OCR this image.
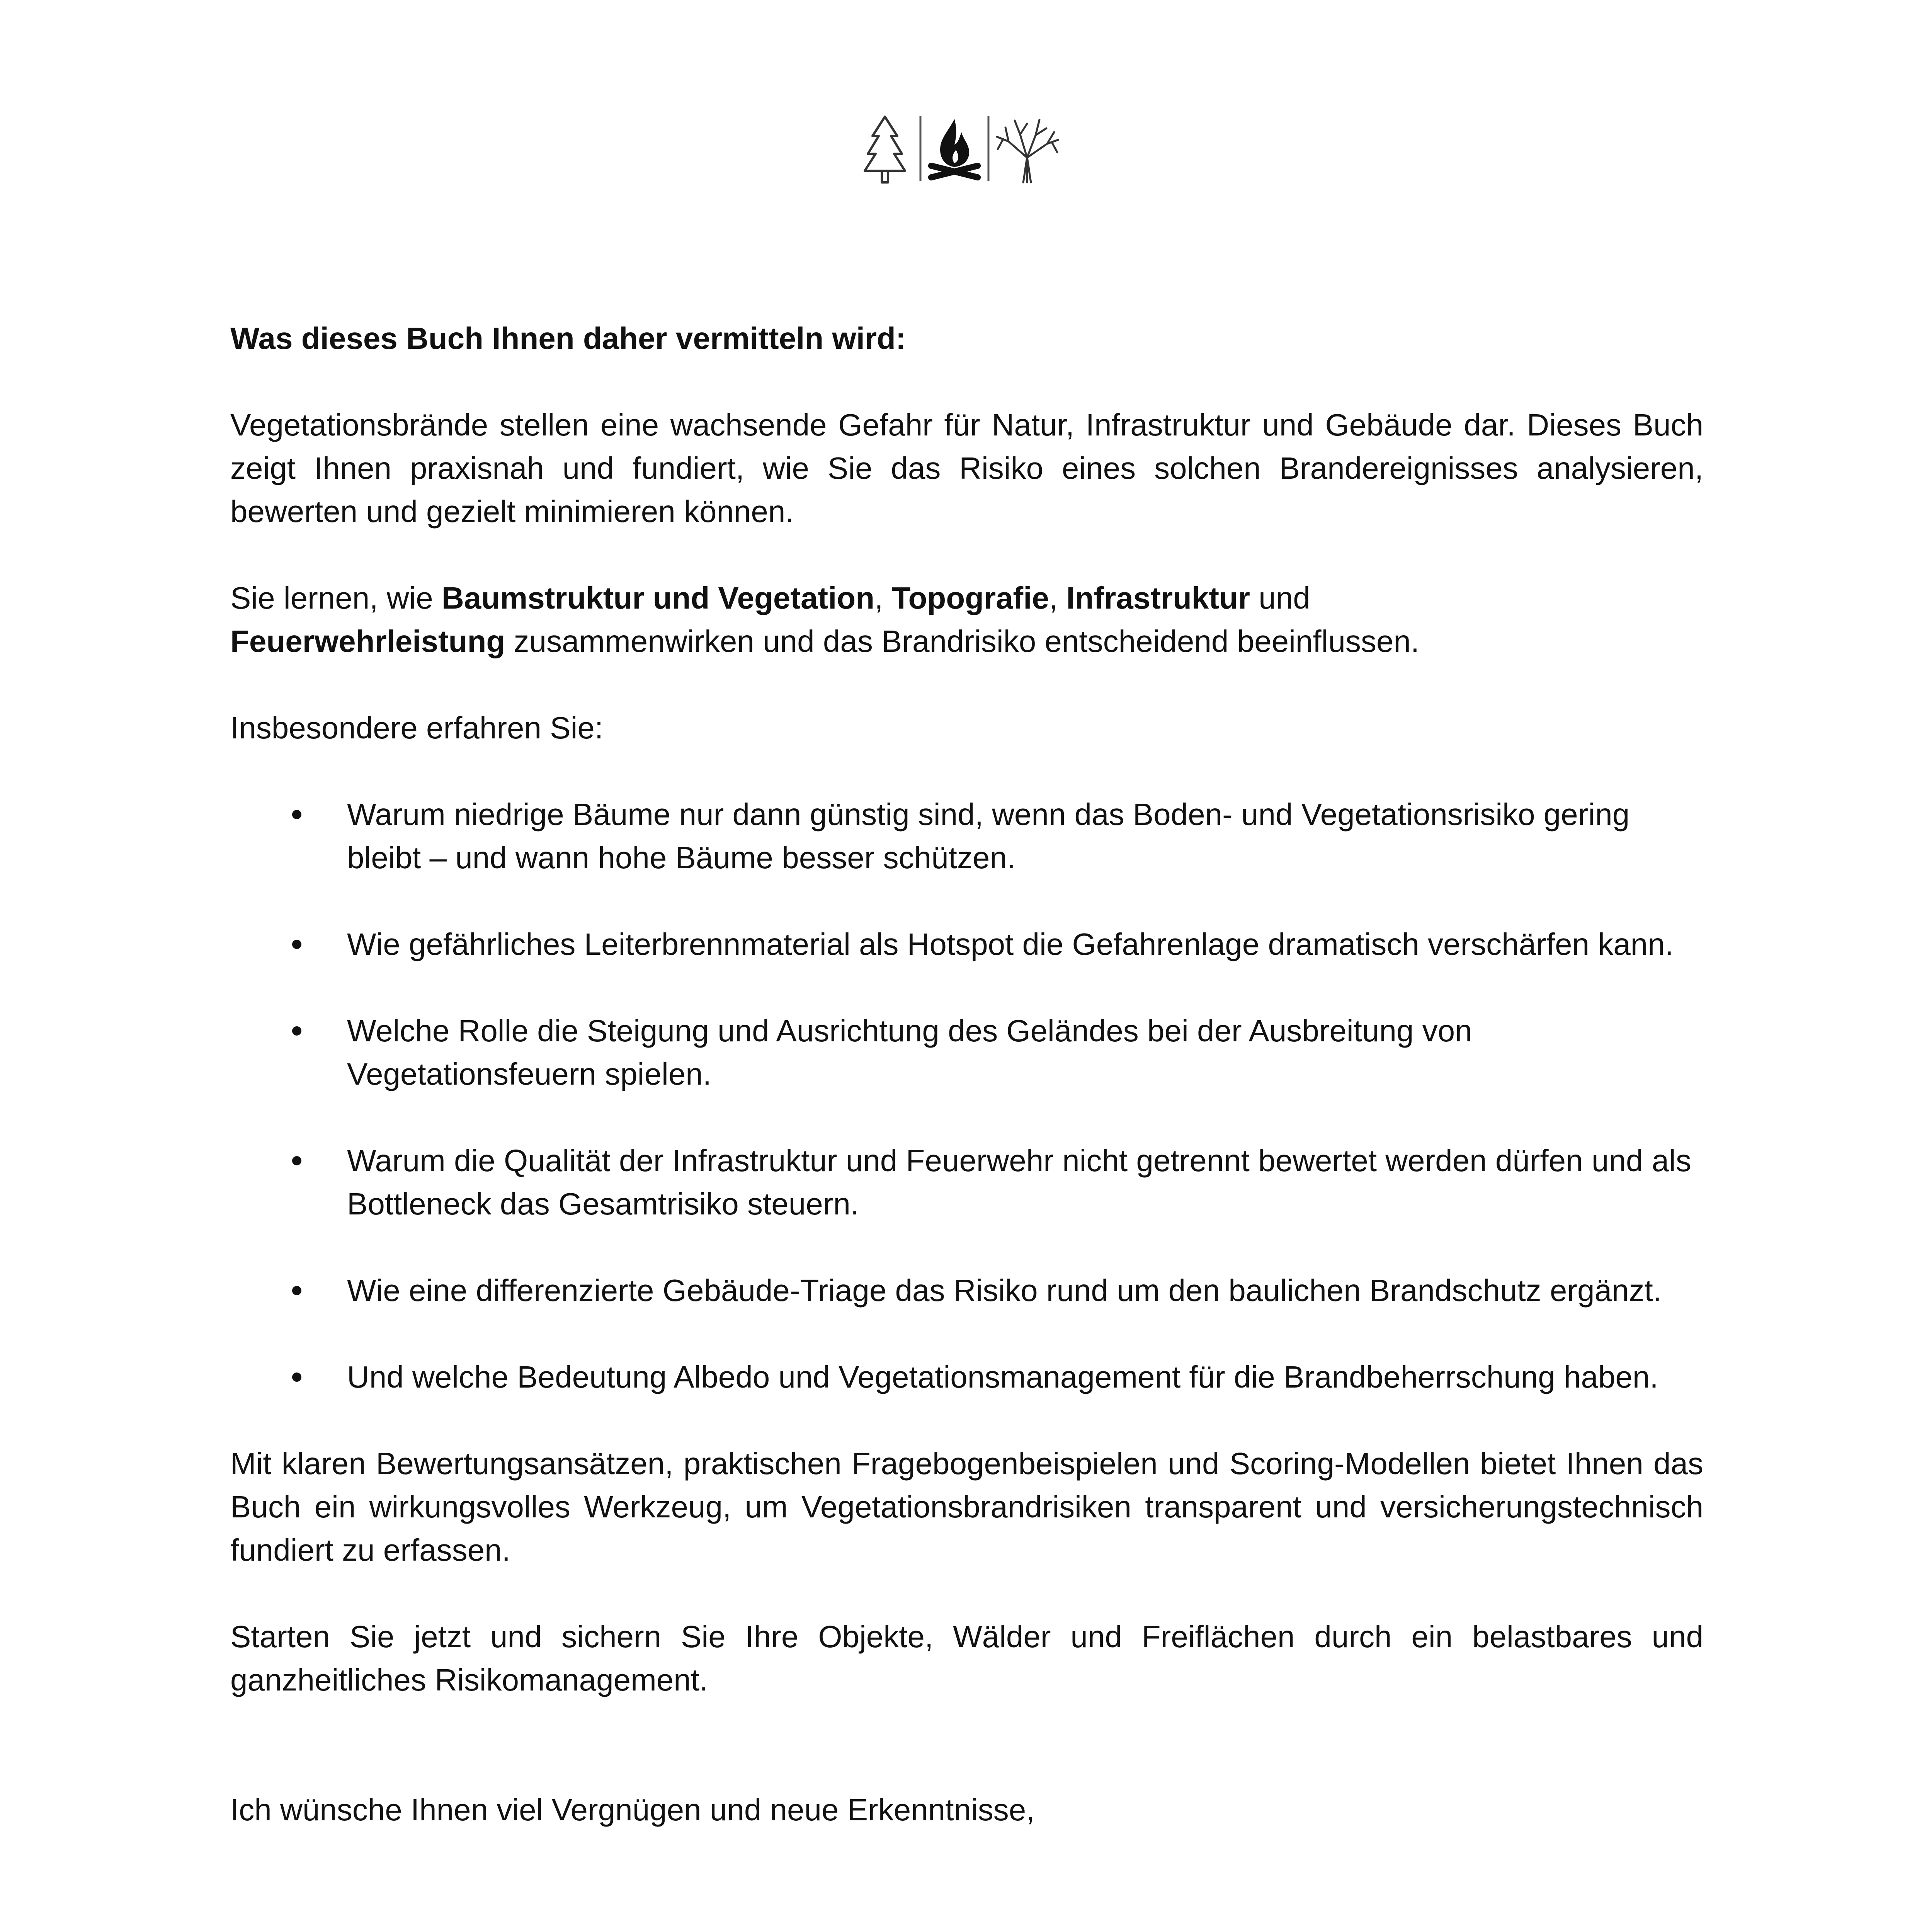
Was dieses Buch Ihnen daher vermitteln wird:

Vegetationsbrände stellen eine wachsende Gefahr für Natur, Infrastruktur und Gebäude dar. Dieses Buch zeigt Ihnen praxisnah und fundiert, wie Sie das Risiko eines solchen Brandereignisses analysieren, bewerten und gezielt minimieren können.

Sie lernen, wie Baumstruktur und Vegetation, Topografie, Infrastruktur und
Feuerwehrleistung zusammenwirken und das Brandrisiko entscheidend beeinflussen.

Insbesondere erfahren Sie:

Warum niedrige Bäume nur dann günstig sind, wenn das Boden- und Vegetationsrisiko gering bleibt – und wann hohe Bäume besser schützen.
Wie gefährliches Leiterbrennmaterial als Hotspot die Gefahrenlage dramatisch verschärfen kann.
Welche Rolle die Steigung und Ausrichtung des Geländes bei der Ausbreitung von Vegetationsfeuern spielen.
Warum die Qualität der Infrastruktur und Feuerwehr nicht getrennt bewertet werden dürfen und als Bottleneck das Gesamtrisiko steuern.
Wie eine differenzierte Gebäude-Triage das Risiko rund um den baulichen Brandschutz ergänzt.
Und welche Bedeutung Albedo und Vegetationsmanagement für die Brandbeherrschung haben.

Mit klaren Bewertungsansätzen, praktischen Fragebogenbeispielen und Scoring-Modellen bietet Ihnen das Buch ein wirkungsvolles Werkzeug, um Vegetationsbrandrisiken transparent und versicherungstechnisch fundiert zu erfassen.

Starten Sie jetzt und sichern Sie Ihre Objekte, Wälder und Freiflächen durch ein belastbares und ganzheitliches Risikomanagement.

Ich wünsche Ihnen viel Vergnügen und neue Erkenntnisse,
